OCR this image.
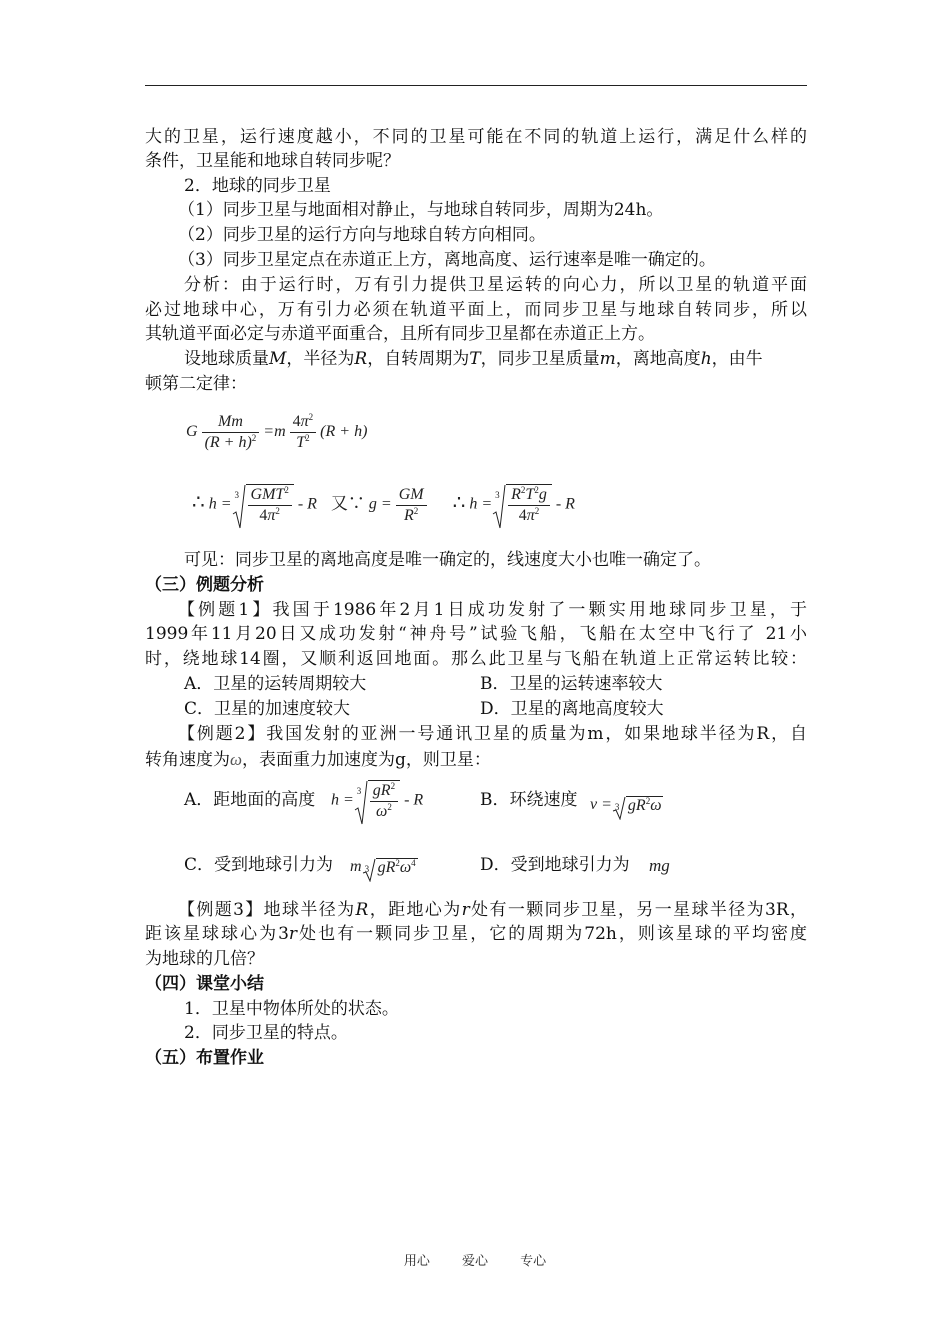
大的卫星，运行速度越小，不同的卫星可能在不同的轨道上运行，满足什么样的
条件，卫星能和地球自转同步呢？
2．地球的同步卫星
（1）同步卫星与地面相对静止，与地球自转同步，周期为24h。
（2）同步卫星的运行方向与地球自转方向相同。
（3）同步卫星定点在赤道正上方，离地高度、运行速率是唯一确定的。
分析：由于运行时，万有引力提供卫星运转的向心力，所以卫星的轨道平面
必过地球中心，万有引力必须在轨道平面上，而同步卫星与地球自转同步，所以
其轨道平面必定与赤道平面重合，且所有同步卫星都在赤道正上方。
设地球质量M，半径为R，自转周期为T，同步卫星质量m，离地高度h，由牛
顿第二定律：
G $\frac{Mm}{(R + h)^2} =m \frac{4\pi^2}{T^2} (R + h)$
∴ h =
$3 \frac{GMT^2}{4\pi^2}$ - R 又∵ $g = \frac{GM}{R^2}$ ∴ h =
$3 \frac{R^2T^2g}{4\pi^2}$ - R
可见：同步卫星的离地高度是唯一确定的，线速度大小也唯一确定了。
（三）例题分析
【例题1】我国于1986年2月1日成功发射了一颗实用地球同步卫星，于
1999年11月20日又成功发射“神舟号”试验飞船，飞船在太空中飞行了 21小
时，绕地球14圈，又顺利返回地面。那么此卫星与飞船在轨道上正常运转比较：
A．卫星的运转周期较大	B．卫星的运转速率较大
C．卫星的加速度较大	D．卫星的离地高度较大
【例题2】我国发射的亚洲一号通讯卫星的质量为m，如果地球半径为R，自
转角速度为ω，表面重力加速度为g，则卫星：
A．距地面的高度 h =
$3 \frac{gR^2}{\omega^2}$ - R	B．环绕速度 v = 3 $gR^2\omega$
C．受到地球引力为	m 3 $gR^2\omega^4$	D．受到地球引力为	mg
【例题3】地球半径为R，距地心为r处有一颗同步卫星，另一星球半径为3R，
距该星球球心为3r处也有一颗同步卫星，它的周期为72h，则该星球的平均密度
为地球的几倍？
（四）课堂小结
1．卫星中物体所处的状态。
2．同步卫星的特点。
（五）布置作业
用心 爱心 专心
